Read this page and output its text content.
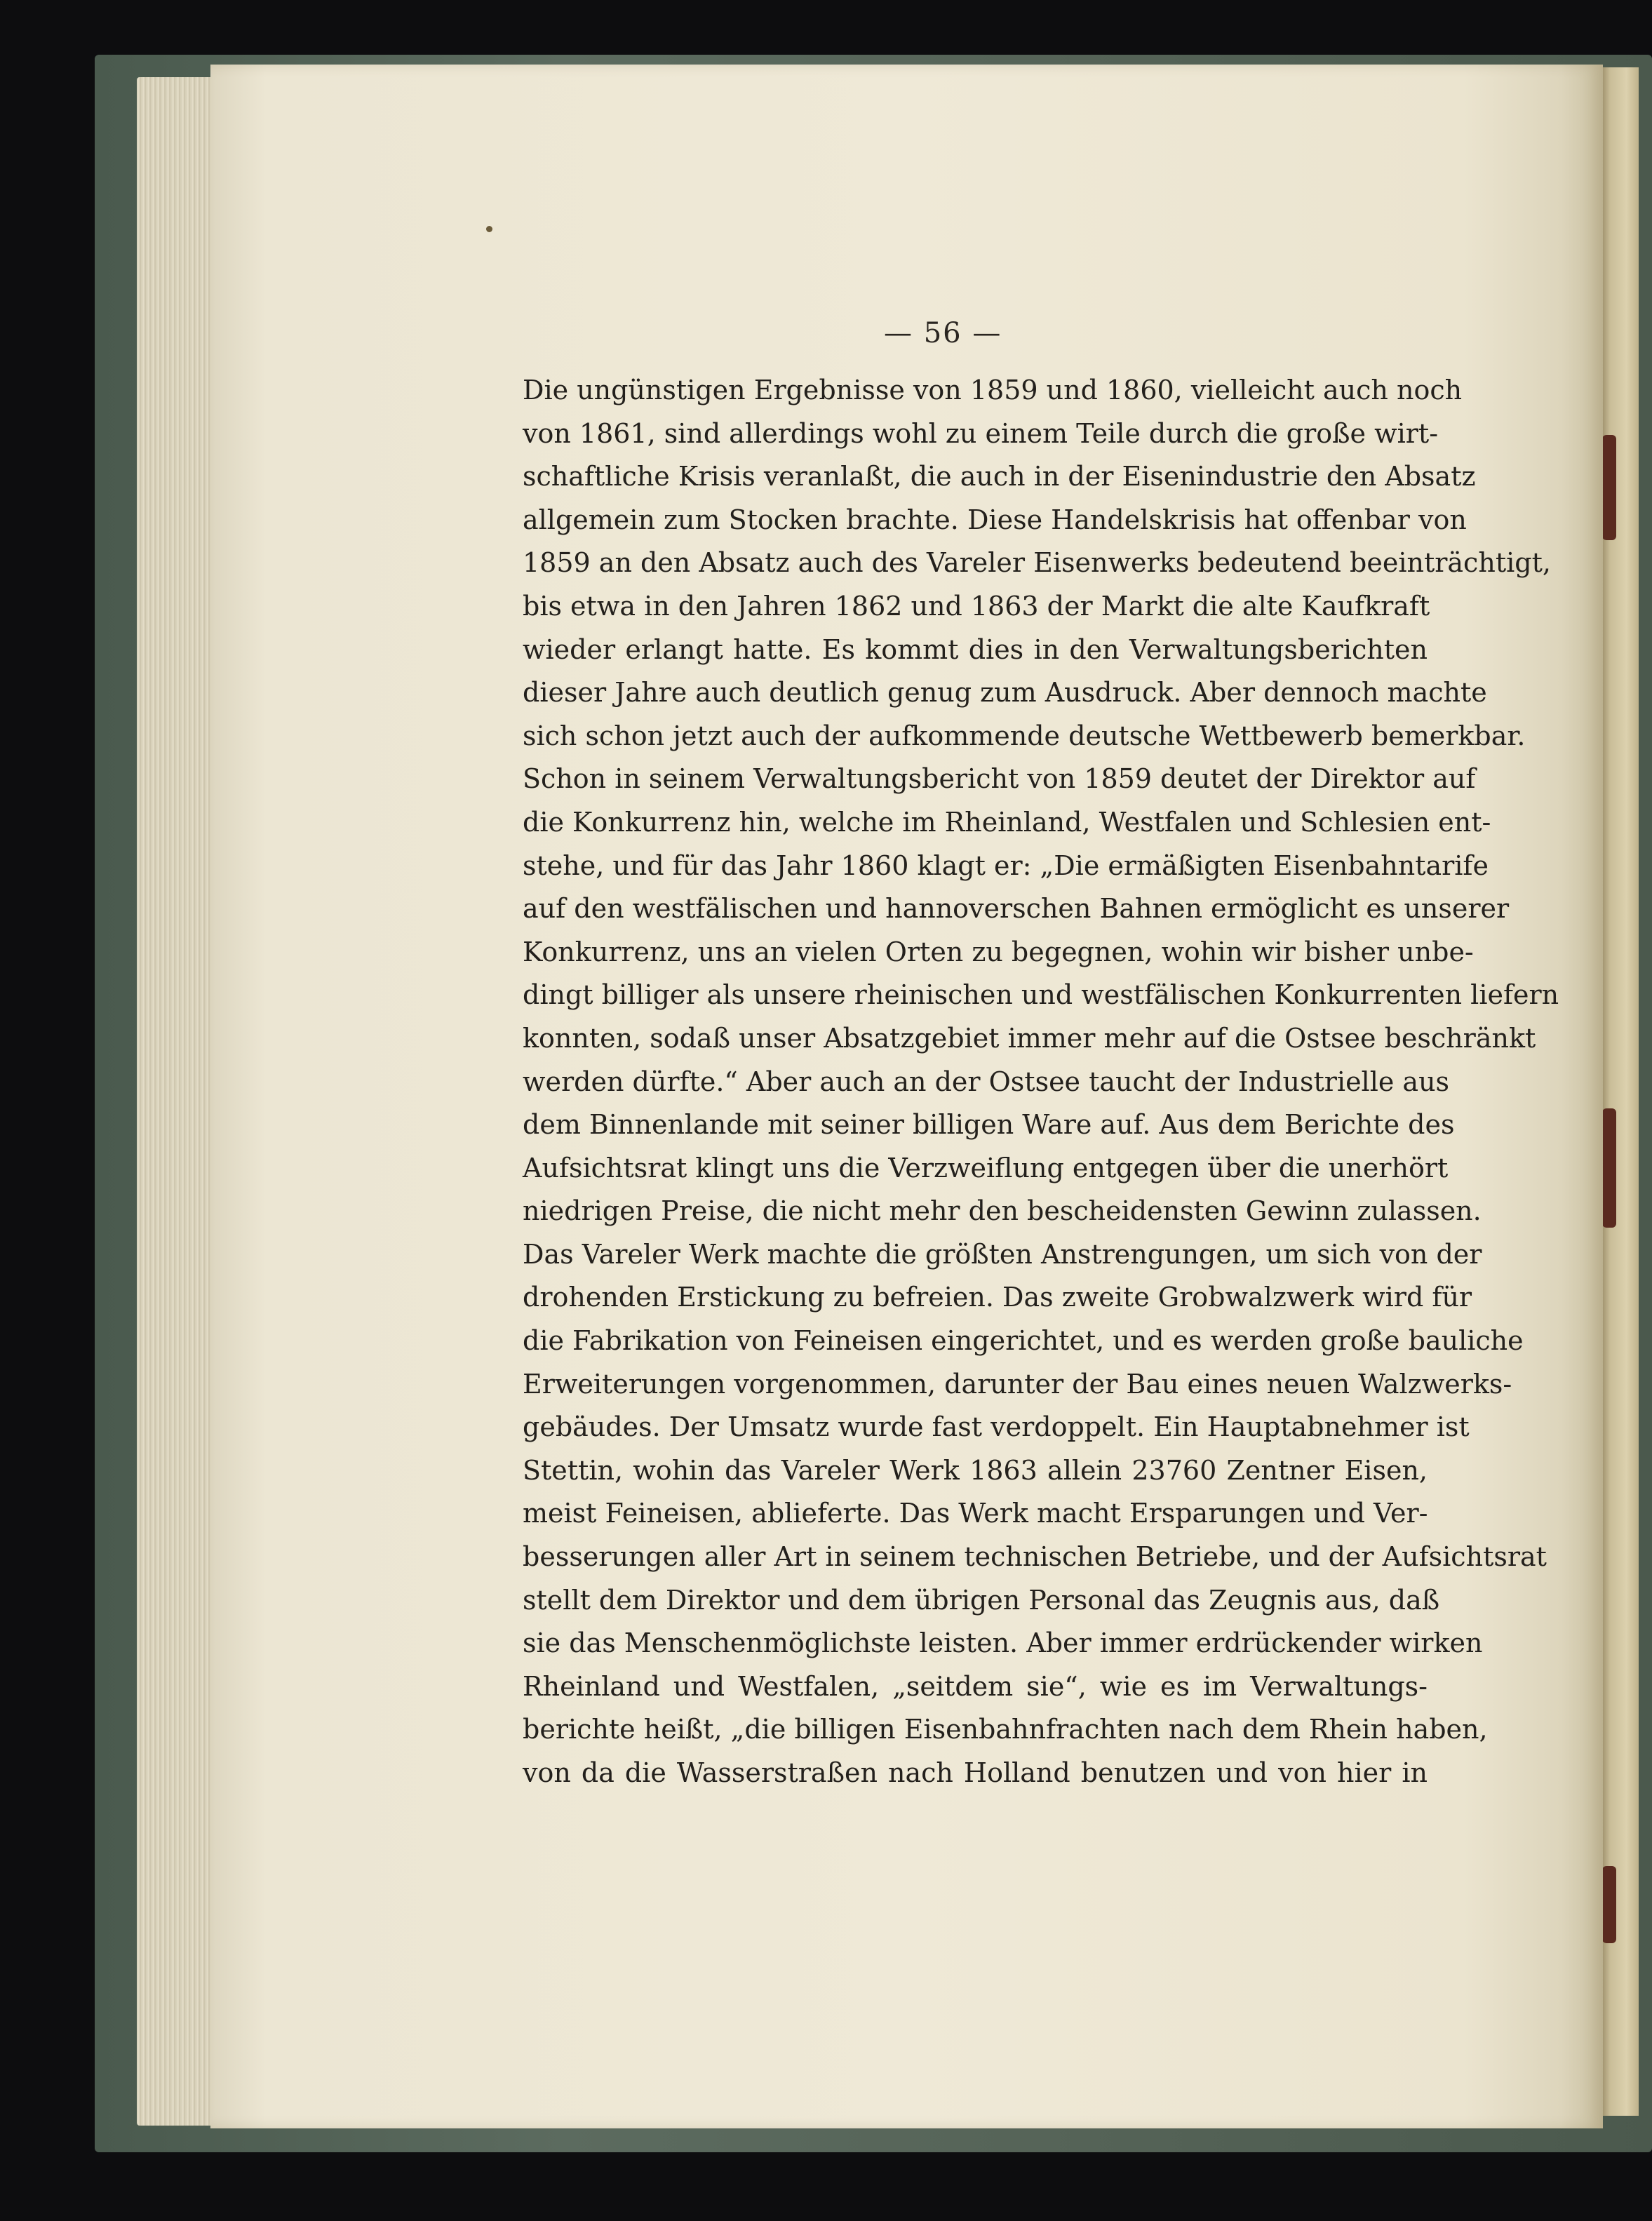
— 56 —
Die ungünstigen Ergebnisse von 1859 und 1860, vielleicht auch noch
von 1861, sind allerdings wohl zu einem Teile durch die große wirt-
schaftliche Krisis veranlaßt, die auch in der Eisenindustrie den Absatz
allgemein zum Stocken brachte. Diese Handelskrisis hat offenbar von
1859 an den Absatz auch des Vareler Eisenwerks bedeutend beeinträchtigt,
bis etwa in den Jahren 1862 und 1863 der Markt die alte Kaufkraft
wieder erlangt hatte. Es kommt dies in den Verwaltungsberichten
dieser Jahre auch deutlich genug zum Ausdruck. Aber dennoch machte
sich schon jetzt auch der aufkommende deutsche Wettbewerb bemerkbar.
Schon in seinem Verwaltungsbericht von 1859 deutet der Direktor auf
die Konkurrenz hin, welche im Rheinland, Westfalen und Schlesien ent-
stehe, und für das Jahr 1860 klagt er: „Die ermäßigten Eisenbahntarife
auf den westfälischen und hannoverschen Bahnen ermöglicht es unserer
Konkurrenz, uns an vielen Orten zu begegnen, wohin wir bisher unbe-
dingt billiger als unsere rheinischen und westfälischen Konkurrenten liefern
konnten, sodaß unser Absatzgebiet immer mehr auf die Ostsee beschränkt
werden dürfte.“ Aber auch an der Ostsee taucht der Industrielle aus
dem Binnenlande mit seiner billigen Ware auf. Aus dem Berichte des
Aufsichtsrat klingt uns die Verzweiflung entgegen über die unerhört
niedrigen Preise, die nicht mehr den bescheidensten Gewinn zulassen.
Das Vareler Werk machte die größten Anstrengungen, um sich von der
drohenden Erstickung zu befreien. Das zweite Grobwalzwerk wird für
die Fabrikation von Feineisen eingerichtet, und es werden große bauliche
Erweiterungen vorgenommen, darunter der Bau eines neuen Walzwerks-
gebäudes. Der Umsatz wurde fast verdoppelt. Ein Hauptabnehmer ist
Stettin, wohin das Vareler Werk 1863 allein 23760 Zentner Eisen,
meist Feineisen, ablieferte. Das Werk macht Ersparungen und Ver-
besserungen aller Art in seinem technischen Betriebe, und der Aufsichtsrat
stellt dem Direktor und dem übrigen Personal das Zeugnis aus, daß
sie das Menschenmöglichste leisten. Aber immer erdrückender wirken
Rheinland und Westfalen, „seitdem sie“, wie es im Verwaltungs-
berichte heißt, „die billigen Eisenbahnfrachten nach dem Rhein haben,
von da die Wasserstraßen nach Holland benutzen und von hier in
